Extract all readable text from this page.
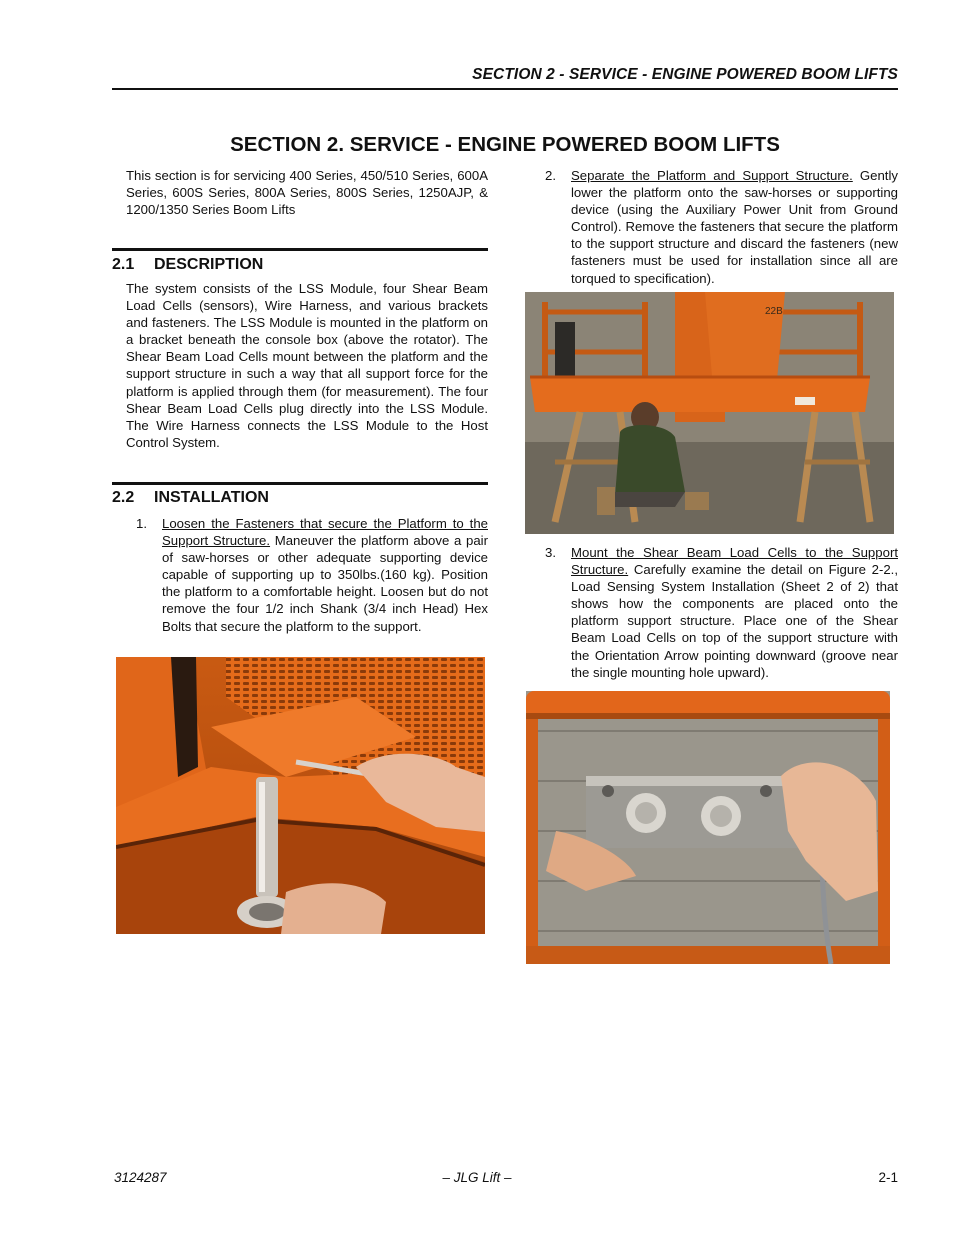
SECTION 2 - SERVICE - ENGINE POWERED BOOM LIFTS
SECTION 2. SERVICE - ENGINE POWERED BOOM LIFTS

This section is for servicing 400 Series, 450/510 Series, 600A Series, 600S Series, 800A Series, 800S Series, 1250AJP, & 1200/1350 Series Boom Lifts

2.1 DESCRIPTION

The system consists of the LSS Module, four Shear Beam Load Cells (sensors), Wire Harness, and various brackets and fasteners. The LSS Module is mounted in the platform on a bracket beneath the console box (above the rotator). The Shear Beam Load Cells mount between the platform and the support structure in such a way that all support force for the platform is applied through them (for measurement). The four Shear Beam Load Cells plug directly into the LSS Module. The Wire Harness connects the LSS Module to the Host Control System.

2.2 INSTALLATION
1. Loosen the Fasteners that secure the Platform to the Support Structure. Maneuver the platform above a pair of saw-horses or other adequate supporting device capable of supporting up to 350lbs.(160 kg). Position the platform to a comfortable height. Loosen but do not remove the four 1/2 inch Shank (3/4 inch Head) Hex Bolts that secure the platform to the support.

2. Separate the Platform and Support Structure. Gently lower the platform onto the saw-horses or supporting device (using the Auxiliary Power Unit from Ground Control). Remove the fasteners that secure the platform to the support structure and discard the fasteners (new fasteners must be used for installation since all are torqued to specification).

3. Mount the Shear Beam Load Cells to the Support Structure. Carefully examine the detail on Figure 2-2., Load Sensing System Installation (Sheet 2 of 2) that shows how the components are placed onto the platform support structure. Place one of the Shear Beam Load Cells on top of the support structure with the Orientation Arrow pointing downward (groove near the single mounting hole upward).

22B
3124287	– JLG Lift –	2-1
